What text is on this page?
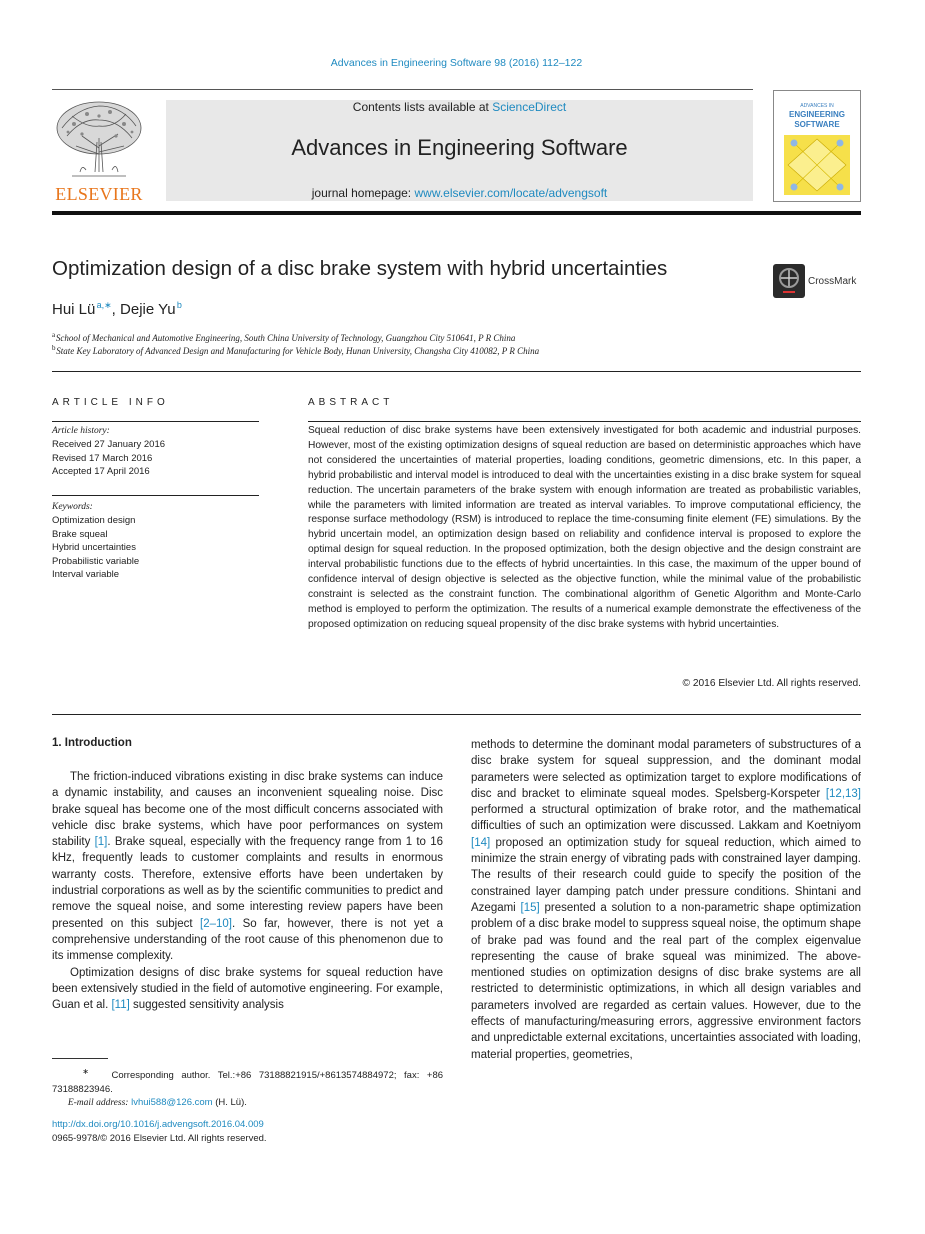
Advances in Engineering Software 98 (2016) 112–122
ELSEVIER
Contents lists available at ScienceDirect
Advances in Engineering Software
journal homepage: www.elsevier.com/locate/advengsoft
ADVANCES IN
ENGINEERING
SOFTWARE
Optimization design of a disc brake system with hybrid uncertainties
CrossMark
Hui Lü $^{a,∗}$, Dejie Yu $^b$
$^a$ School of Mechanical and Automotive Engineering, South China University of Technology, Guangzhou City 510641, P R China
$^b$ State Key Laboratory of Advanced Design and Manufacturing for Vehicle Body, Hunan University, Changsha City 410082, P R China
ARTICLE INFO
Article history:
Received 27 January 2016
Revised 17 March 2016
Accepted 17 April 2016
Keywords:
Optimization design
Brake squeal
Hybrid uncertainties
Probabilistic variable
Interval variable
ABSTRACT
Squeal reduction of disc brake systems have been extensively investigated for both academic and industrial purposes. However, most of the existing optimization designs of squeal reduction are based on deterministic approaches which have not considered the uncertainties of material properties, loading conditions, geometric dimensions, etc. In this paper, a hybrid probabilistic and interval model is introduced to deal with the uncertainties existing in a disc brake system for squeal reduction. The uncertain parameters of the brake system with enough information are treated as probabilistic variables, while the parameters with limited information are treated as interval variables. To improve computational efficiency, the response surface methodology (RSM) is introduced to replace the time-consuming finite element (FE) simulations. By the hybrid uncertain model, an optimization design based on reliability and confidence interval is proposed to explore the optimal design for squeal reduction. In the proposed optimization, both the design objective and the design constraint are interval probabilistic functions due to the effects of hybrid uncertainties. In this case, the maximum of the upper bound of confidence interval of design objective is selected as the objective function, while the minimal value of the probabilistic constraint is selected as the constraint function. The combinational algorithm of Genetic Algorithm and Monte-Carlo method is employed to perform the optimization. The results of a numerical example demonstrate the effectiveness of the proposed optimization on reducing squeal propensity of the disc brake systems with hybrid uncertainties.
© 2016 Elsevier Ltd. All rights reserved.
1. Introduction

The friction-induced vibrations existing in disc brake systems can induce a dynamic instability, and causes an inconvenient squealing noise. Disc brake squeal has become one of the most difficult concerns associated with vehicle disc brake systems, which have poor performances on system stability [1]. Brake squeal, especially with the frequency range from 1 to 16 kHz, frequently leads to customer complaints and results in enormous warranty costs. Therefore, extensive efforts have been undertaken by industrial corporations as well as by the scientific communities to predict and remove the squeal noise, and some interesting review papers have been presented on this subject [2–10]. So far, however, there is not yet a comprehensive understanding of the root cause of this phenomenon due to its immense complexity.

Optimization designs of disc brake systems for squeal reduction have been extensively studied in the field of automotive engineering. For example, Guan et al. [11] suggested sensitivity analysis

methods to determine the dominant modal parameters of substructures of a disc brake system for squeal suppression, and the dominant modal parameters were selected as optimization target to explore modifications of disc and bracket to eliminate squeal modes. Spelsberg-Korspeter [12,13] performed a structural optimization of brake rotor, and the mathematical difficulties of such an optimization were discussed. Lakkam and Koetniyom [14] proposed an optimization study for squeal reduction, which aimed to minimize the strain energy of vibrating pads with constrained layer damping. The results of their research could guide to specify the position of the constrained layer damping patch under pressure conditions. Shintani and Azegami [15] presented a solution to a non-parametric shape optimization problem of a disc brake model to suppress squeal noise, the optimum shape of brake pad was found and the real part of the complex eigenvalue representing the cause of brake squeal was minimized. The above-mentioned studies on optimization designs of disc brake systems are all restricted to deterministic optimizations, in which all design variables and parameters involved are regarded as certain values. However, due to the effects of manufacturing/measuring errors, aggressive environment factors and unpredictable external excitations, uncertainties associated with loading, material properties, geometries,

∗ Corresponding author. Tel.:+86 73188821915/+8613574884972; fax: +86 73188823946.
E-mail address: lvhui588@126.com (H. Lü).
http://dx.doi.org/10.1016/j.advengsoft.2016.04.009
0965-9978/© 2016 Elsevier Ltd. All rights reserved.
